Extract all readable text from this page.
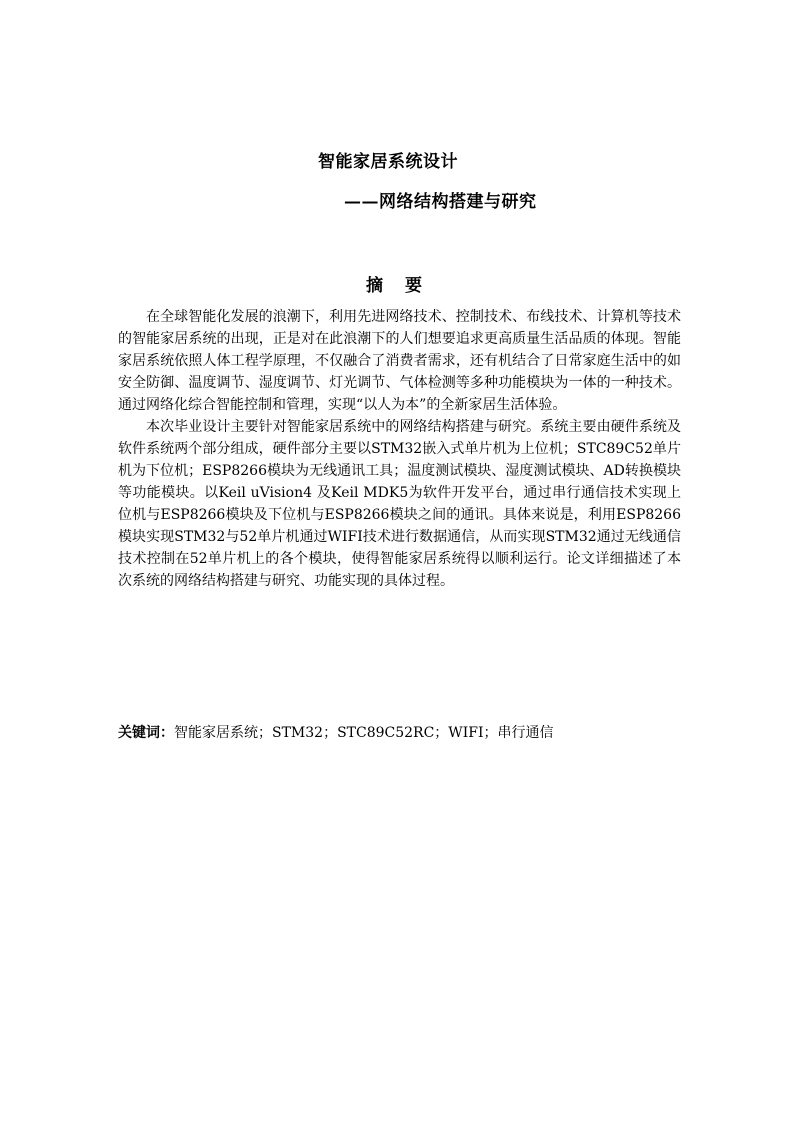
智能家居系统设计
——网络结构搭建与研究
摘 要

在全球智能化发展的浪潮下，利用先进网络技术、控制技术、布线技术、计算机等技术的智能家居系统的出现，正是对在此浪潮下的人们想要追求更高质量生活品质的体现。智能家居系统依照人体工程学原理，不仅融合了消费者需求，还有机结合了日常家庭生活中的如安全防御、温度调节、湿度调节、灯光调节、气体检测等多种功能模块为一体的一种技术。通过网络化综合智能控制和管理，实现“以人为本”的全新家居生活体验。

本次毕业设计主要针对智能家居系统中的网络结构搭建与研究。系统主要由硬件系统及软件系统两个部分组成，硬件部分主要以STM32嵌入式单片机为上位机；STC89C52单片机为下位机；ESP8266模块为无线通讯工具；温度测试模块、湿度测试模块、AD转换模块等功能模块。以Keil uVision4 及Keil MDK5为软件开发平台，通过串行通信技术实现上位机与ESP8266模块及下位机与ESP8266模块之间的通讯。具体来说是，利用ESP8266模块实现STM32与52单片机通过WIFI技术进行数据通信，从而实现STM32通过无线通信技术控制在52单片机上的各个模块，使得智能家居系统得以顺利运行。论文详细描述了本次系统的网络结构搭建与研究、功能实现的具体过程。

关键词：智能家居系统；STM32；STC89C52RC；WIFI；串行通信
